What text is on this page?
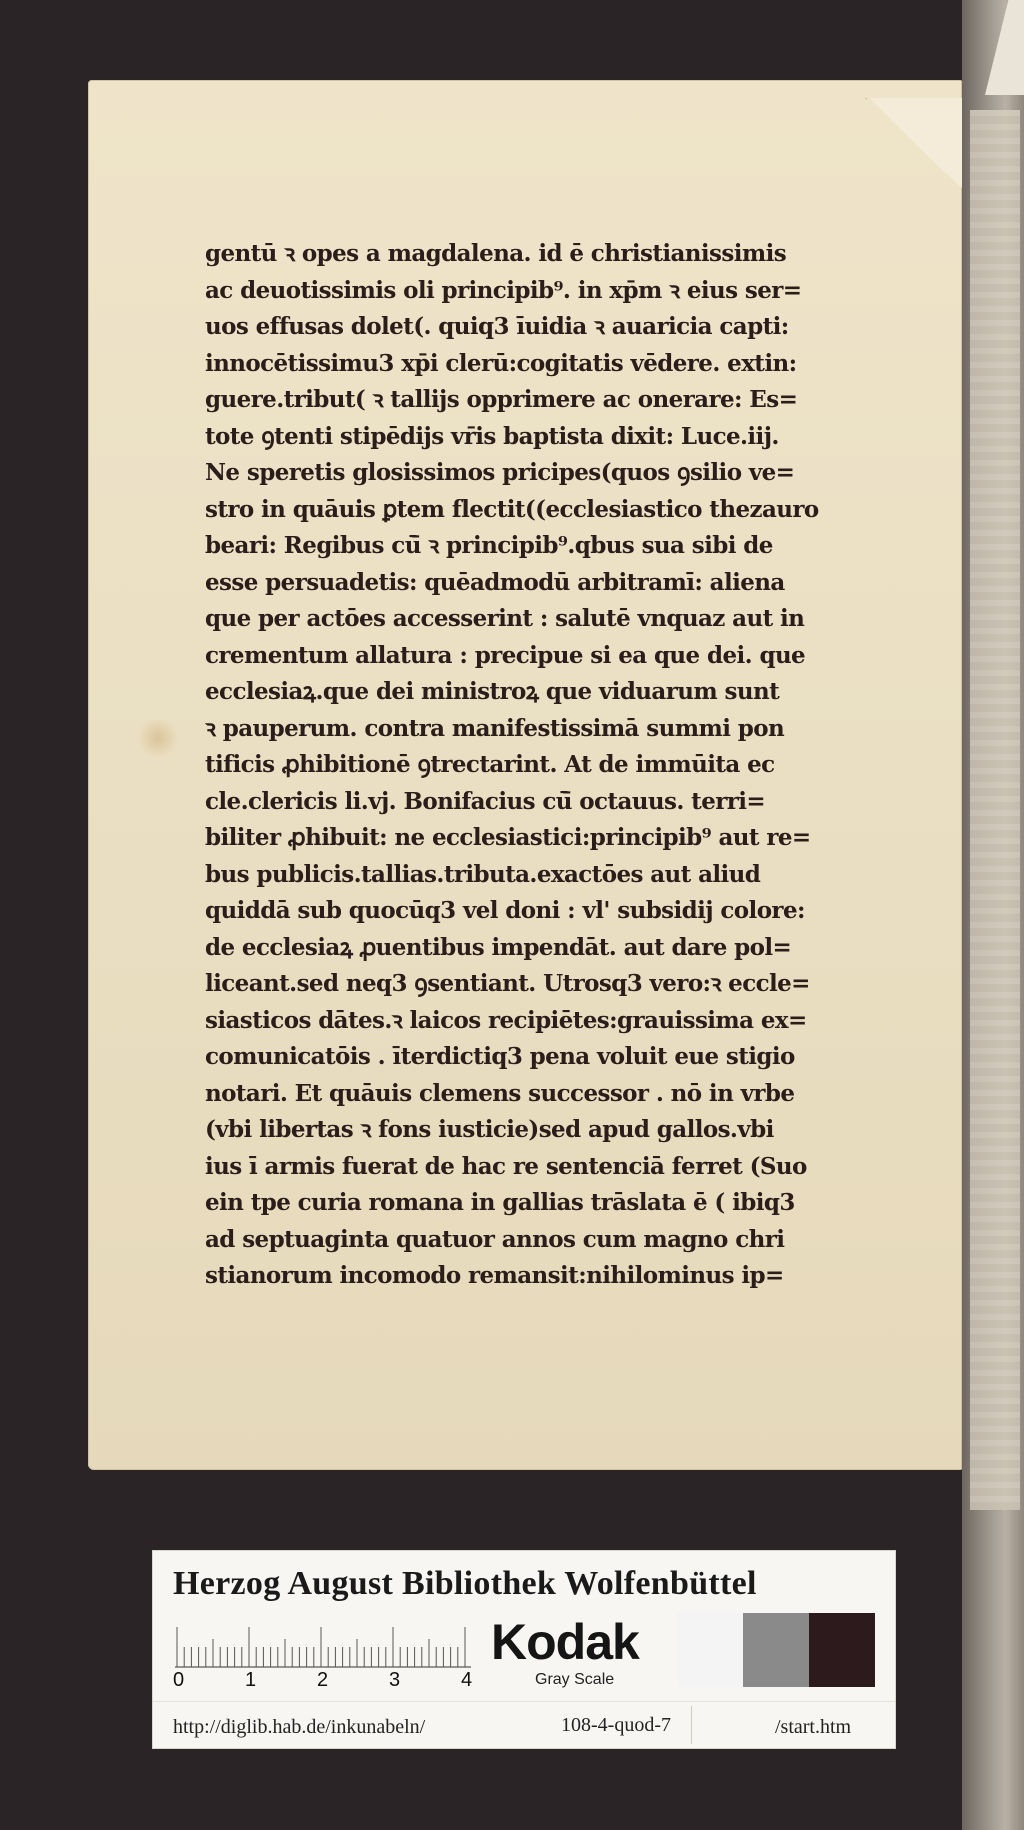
gentū ꝛ opes a magdalena. id ē christianissimis
ac deuotissimis oli principib⁹. in xp̄m ꝛ eius ser=
uos effusas dolet(. quiq3 īuidia ꝛ auaricia capti:
innocētissimu3 xp̄i clerū:cogitatis vēdere. extin:
guere.tribut( ꝛ tallijs opprimere ac onerare: Es=
tote ꝯtenti stipēdijs vr̄is baptista dixit: Luce.iij.
Ne speretis glosissimos pricipes(quos ꝯsilio ve=
stro in quāuis ꝑtem flectit((ecclesiastico thezauro
beari: Regibus cū̄ ꝛ principib⁹.qbus sua sibi de
esse persuadetis: quēadmodū arbitramī: aliena
que per actōes accesserint : salutē vnquaz aut in
crementum allatura : precipue si ea que dei. que
ecclesiaꝝ.que dei ministroꝝ que viduarum sunt
ꝛ pauperum. contra manifestissimā summi pon
tificis ꝓhibitionē ꝯtrectarint. At de immūita ec
cle.clericis li.vj. Bonifacius cū̄ octauus. terri=
biliter ꝓhibuit: ne ecclesiastici:principib⁹ aut re=
bus publicis.tallias.tributa.exactōes aut aliud
quiddā sub quocūq3 vel doni : vl' subsidij colore:
de ecclesiaꝝ ꝓuentibus impendāt. aut dare pol=
liceant.sed neq3 ꝯsentiant. Utrosq3 vero:ꝛ eccle=
siasticos dātes.ꝛ laicos recipiētes:grauissima ex=
comunicatōis . īterdictiq3 pena voluit eue stigio
notari. Et quāuis clemens successor . nō in vrbe
(vbi libertas ꝛ fons iusticie)sed apud gallos.vbi
ius ī armis fuerat de hac re sentenciā ferret (Suo
ein tpe curia romana in gallias trāslata ē ( ibiq3
ad septuaginta quatuor annos cum magno chri
stianorum incomodo remansit:nihilominus ip=
Herzog August Bibliothek Wolfenbüttel
0	1	2	3	4
Kodak
Gray Scale
http://diglib.hab.de/inkunabeln/	108-4-quod-7	/start.htm
